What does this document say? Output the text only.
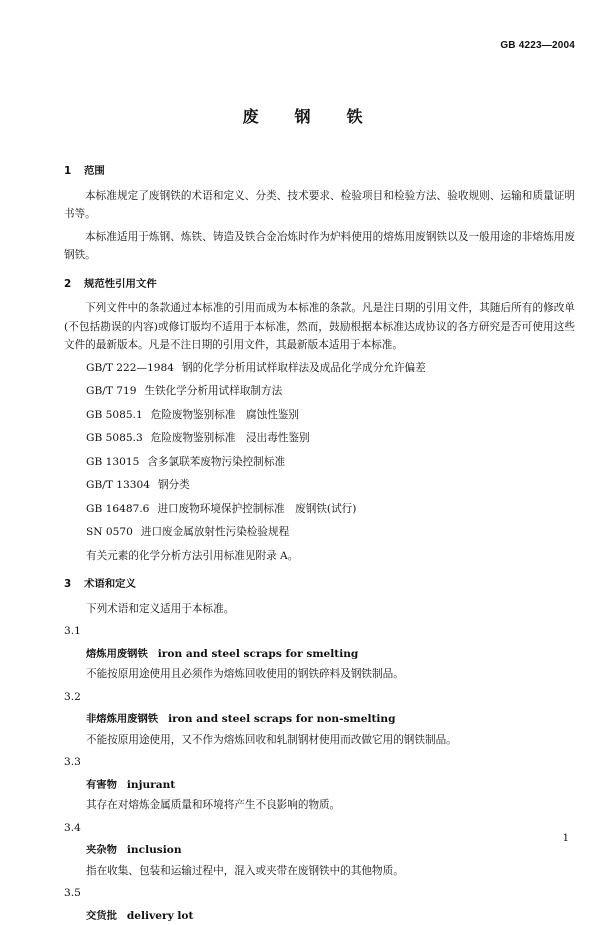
GB 4223—2004
废　钢　铁
1 范围

本标准规定了废钢铁的术语和定义、分类、技术要求、检验项目和检验方法、验收规则、运输和质量证明书等。

本标准适用于炼钢、炼铁、铸造及铁合金冶炼时作为炉料使用的熔炼用废钢铁以及一般用途的非熔炼用废钢铁。

2 规范性引用文件

下列文件中的条款通过本标准的引用而成为本标准的条款。凡是注日期的引用文件，其随后所有的修改单(不包括勘误的内容)或修订版均不适用于本标准，然而，鼓励根据本标准达成协议的各方研究是否可使用这些文件的最新版本。凡是不注日期的引用文件，其最新版本适用于本标准。

GB/T 222—1984 钢的化学分析用试样取样法及成品化学成分允许偏差
GB/T 719 生铁化学分析用试样取制方法
GB 5085.1 危险废物鉴别标准　腐蚀性鉴别
GB 5085.3 危险废物鉴别标准　浸出毒性鉴别
GB 13015 含多氯联苯废物污染控制标准
GB/T 13304 钢分类
GB 16487.6 进口废物环境保护控制标准　废钢铁(试行)
SN 0570 进口废金属放射性污染检验规程

有关元素的化学分析方法引用标准见附录 A。

3 术语和定义

下列术语和定义适用于本标准。

3.1
熔炼用废钢铁 iron and steel scraps for smelting

不能按原用途使用且必须作为熔炼回收使用的钢铁碎料及钢铁制品。

3.2
非熔炼用废钢铁 iron and steel scraps for non-smelting

不能按原用途使用，又不作为熔炼回收和轧制钢材使用而改做它用的钢铁制品。

3.3
有害物 injurant

其存在对熔炼金属质量和环境将产生不良影响的物质。

3.4
夹杂物 inclusion

指在收集、包装和运输过程中，混入或夹带在废钢铁中的其他物质。

3.5
交货批 delivery lot
1
